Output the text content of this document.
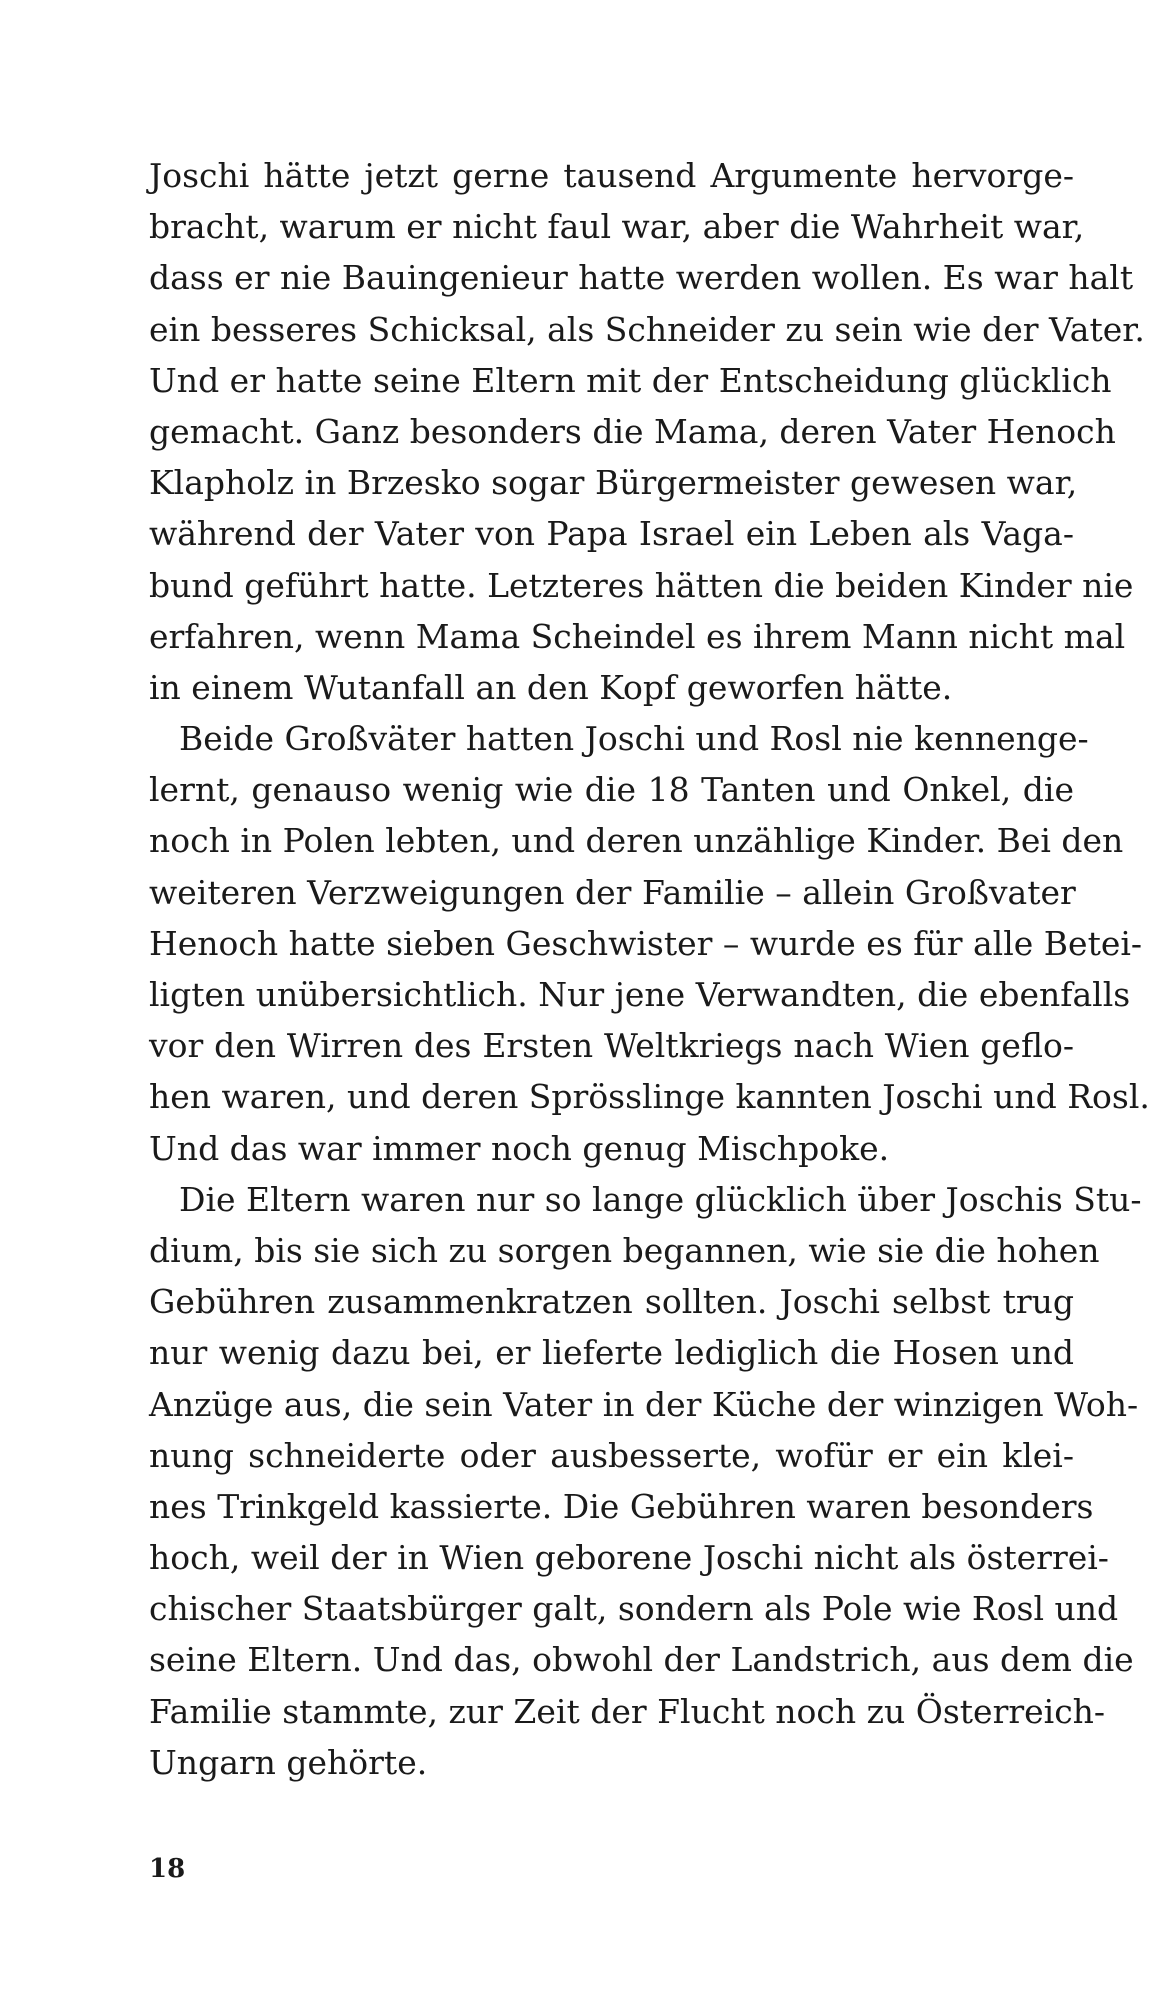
Joschi hätte jetzt gerne tausend Argumente hervorge-
bracht, warum er nicht faul war, aber die Wahrheit war,
dass er nie Bauingenieur hatte werden wollen. Es war halt
ein besseres Schicksal, als Schneider zu sein wie der Vater.
Und er hatte seine Eltern mit der Entscheidung glücklich
gemacht. Ganz besonders die Mama, deren Vater Henoch
Klapholz in Brzesko sogar Bürgermeister gewesen war,
während der Vater von Papa Israel ein Leben als Vaga-
bund geführt hatte. Letzteres hätten die beiden Kinder nie
erfahren, wenn Mama Scheindel es ihrem Mann nicht mal
in einem Wutanfall an den Kopf geworfen hätte.
Beide Großväter hatten Joschi und Rosl nie kennenge-
lernt, genauso wenig wie die 18 Tanten und Onkel, die
noch in Polen lebten, und deren unzählige Kinder. Bei den
weiteren Verzweigungen der Familie – allein Großvater
Henoch hatte sieben Geschwister – wurde es für alle Betei-
ligten unübersichtlich. Nur jene Verwandten, die ebenfalls
vor den Wirren des Ersten Weltkriegs nach Wien geflo-
hen waren, und deren Sprösslinge kannten Joschi und Rosl.
Und das war immer noch genug Mischpoke.
Die Eltern waren nur so lange glücklich über Joschis Stu-
dium, bis sie sich zu sorgen begannen, wie sie die hohen
Gebühren zusammenkratzen sollten. Joschi selbst trug
nur wenig dazu bei, er lieferte lediglich die Hosen und
Anzüge aus, die sein Vater in der Küche der winzigen Woh-
nung schneiderte oder ausbesserte, wofür er ein klei-
nes Trinkgeld kassierte. Die Gebühren waren besonders
hoch, weil der in Wien geborene Joschi nicht als österrei-
chischer Staatsbürger galt, sondern als Pole wie Rosl und
seine Eltern. Und das, obwohl der Landstrich, aus dem die
Familie stammte, zur Zeit der Flucht noch zu Österreich-
Ungarn gehörte.
18
